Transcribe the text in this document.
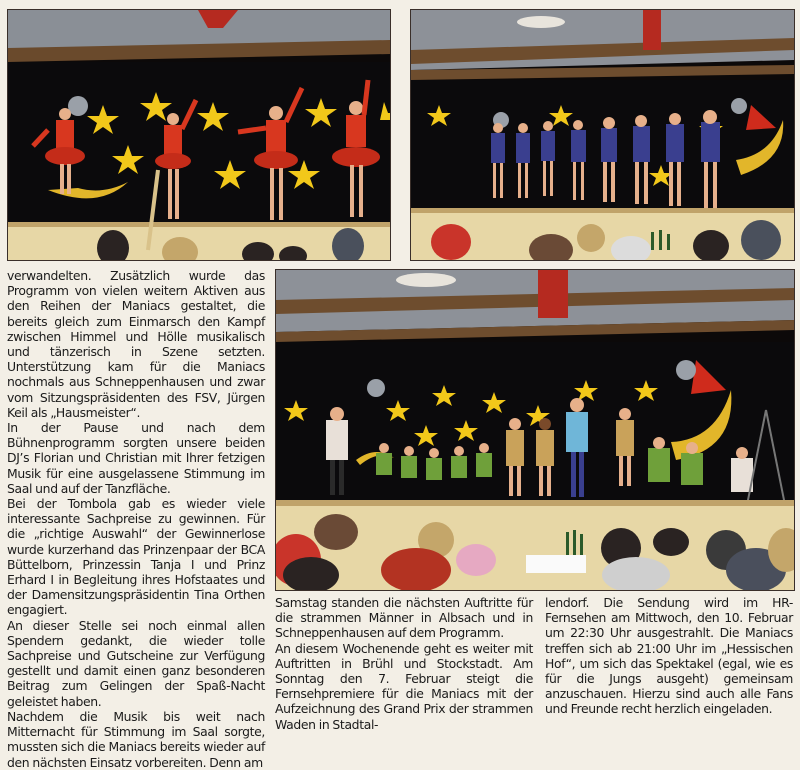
verwandelten. Zusätzlich wurde das Programm von vielen weitern Aktiven aus den Reihen der Maniacs gestaltet, die bereits gleich zum Einmarsch den Kampf zwischen Himmel und Hölle musikalisch und tänzerisch in Szene setzten. Unterstützung kam für die Maniacs nochmals aus Schneppenhausen und zwar vom Sitzungspräsidenten des FSV, Jürgen Keil als „Hausmeister“.

In der Pause und nach dem Bühnenprogramm sorgten unsere beiden DJ’s Florian und Christian mit Ihrer fetzigen Musik für eine ausgelassene Stimmung im Saal und auf der Tanzfläche.

Bei der Tombola gab es wieder viele interessante Sachpreise zu gewinnen. Für die „richtige Auswahl“ der Gewinnerlose wurde kurzerhand das Prinzenpaar der BCA Büttelborn, Prinzessin Tanja I und Prinz Erhard I in Begleitung ihres Hofstaates und der Damensitzungspräsidentin Tina Orthen engagiert.

An dieser Stelle sei noch einmal allen Spendern gedankt, die wieder tolle Sachpreise und Gutscheine zur Verfügung gestellt und damit einen ganz besonderen Beitrag zum Gelingen der Spaß-Nacht geleistet haben.

Nachdem die Musik bis weit nach Mitternacht für Stimmung im Saal sorgte, mussten sich die Maniacs bereits wieder auf den nächsten Einsatz vorbereiten. Denn am

Samstag standen die nächsten Auftritte für die strammen Männer in Albsach und in Schneppenhausen auf dem Programm.

An diesem Wochenende geht es weiter mit Auftritten in Brühl und Stockstadt. Am Sonntag den 7. Februar steigt die Fernsehpremiere für die Maniacs mit der Aufzeichnung des Grand Prix der strammen Waden in Stadtal-

lendorf. Die Sendung wird im HR-Fernsehen am Mittwoch, den 10. Februar um 22:30 Uhr ausgestrahlt. Die Maniacs treffen sich ab 21:00 Uhr im „Hessischen Hof“, um sich das Spektakel (egal, wie es für die Jungs ausgeht) gemeinsam anzuschauen. Hierzu sind auch alle Fans und Freunde recht herzlich eingeladen.
